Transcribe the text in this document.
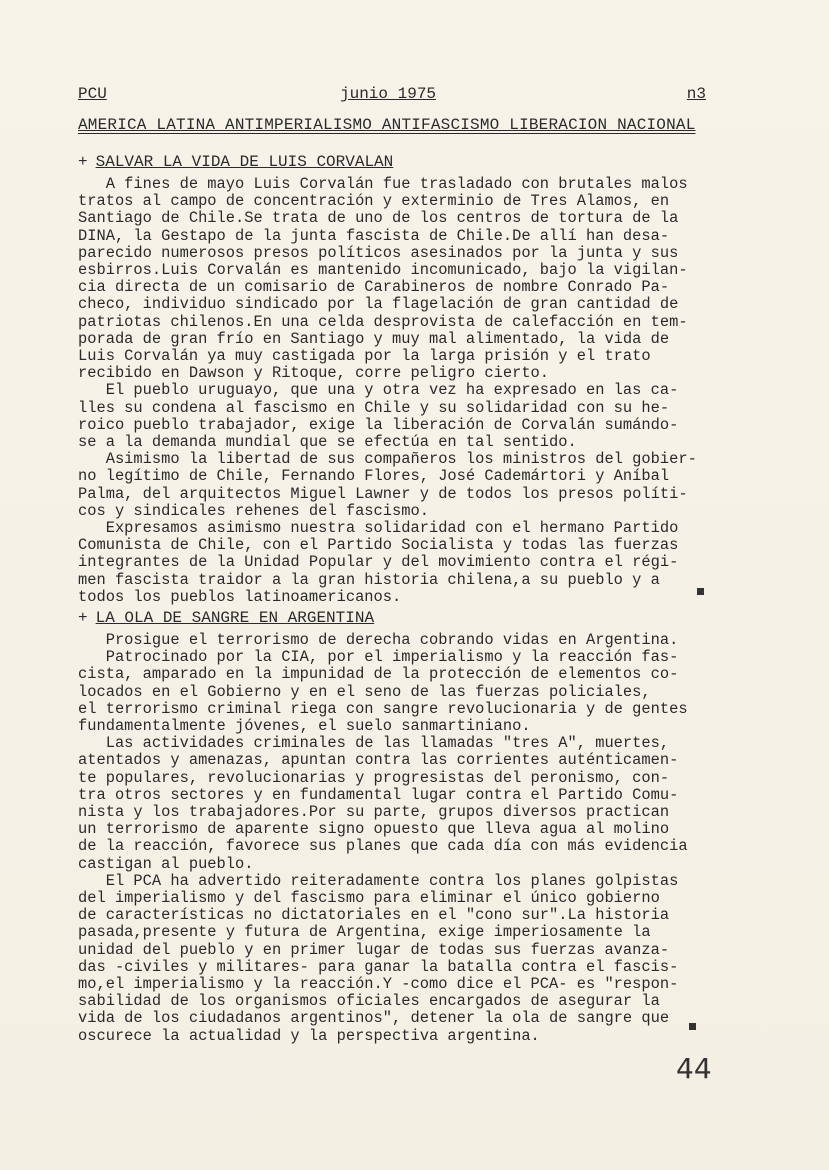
PCU	junio 1975	n3
AMERICA LATINA ANTIMPERIALISMO ANTIFASCISMO LIBERACION NACIONAL
+ SALVAR LA VIDA DE LUIS CORVALAN

A fines de mayo Luis Corvalán fue trasladado con brutales malos

tratos al campo de concentración y exterminio de Tres Alamos, en

Santiago de Chile.Se trata de uno de los centros de tortura de la

DINA, la Gestapo de la junta fascista de Chile.De allí han desa-

parecido numerosos presos políticos asesinados por la junta y sus

esbirros.Luis Corvalán es mantenido incomunicado, bajo la vigilan-

cia directa de un comisario de Carabineros de nombre Conrado Pa-

checo, individuo sindicado por la flagelación de gran cantidad de

patriotas chilenos.En una celda desprovista de calefacción en tem-

porada de gran frío en Santiago y muy mal alimentado, la vida de

Luis Corvalán ya muy castigada por la larga prisión y el trato

recibido en Dawson y Ritoque, corre peligro cierto.

El pueblo uruguayo, que una y otra vez ha expresado en las ca-

lles su condena al fascismo en Chile y su solidaridad con su he-

roico pueblo trabajador, exige la liberación de Corvalán sumándo-

se a la demanda mundial que se efectúa en tal sentido.

Asimismo la libertad de sus compañeros los ministros del gobier-

no legítimo de Chile, Fernando Flores, José Cademártori y Aníbal

Palma, del arquitectos Miguel Lawner y de todos los presos políti-

cos y sindicales rehenes del fascismo.

Expresamos asimismo nuestra solidaridad con el hermano Partido

Comunista de Chile, con el Partido Socialista y todas las fuerzas

integrantes de la Unidad Popular y del movimiento contra el régi-

men fascista traidor a la gran historia chilena,a su pueblo y a

todos los pueblos latinoamericanos.

+ LA OLA DE SANGRE EN ARGENTINA

Prosigue el terrorismo de derecha cobrando vidas en Argentina.

Patrocinado por la CIA, por el imperialismo y la reacción fas-

cista, amparado en la impunidad de la protección de elementos co-

locados en el Gobierno y en el seno de las fuerzas policiales,

el terrorismo criminal riega con sangre revolucionaria y de gentes

fundamentalmente jóvenes, el suelo sanmartiniano.

Las actividades criminales de las llamadas "tres A", muertes,

atentados y amenazas, apuntan contra las corrientes auténticamen-

te populares, revolucionarias y progresistas del peronismo, con-

tra otros sectores y en fundamental lugar contra el Partido Comu-

nista y los trabajadores.Por su parte, grupos diversos practican

un terrorismo de aparente signo opuesto que lleva agua al molino

de la reacción, favorece sus planes que cada día con más evidencia

castigan al pueblo.

El PCA ha advertido reiteradamente contra los planes golpistas

del imperialismo y del fascismo para eliminar el único gobierno

de características no dictatoriales en el "cono sur".La historia

pasada,presente y futura de Argentina, exige imperiosamente la

unidad del pueblo y en primer lugar de todas sus fuerzas avanza-

das -civiles y militares- para ganar la batalla contra el fascis-

mo,el imperialismo y la reacción.Y -como dice el PCA- es "respon-

sabilidad de los organismos oficiales encargados de asegurar la

vida de los ciudadanos argentinos", detener la ola de sangre que

oscurece la actualidad y la perspectiva argentina.

44
